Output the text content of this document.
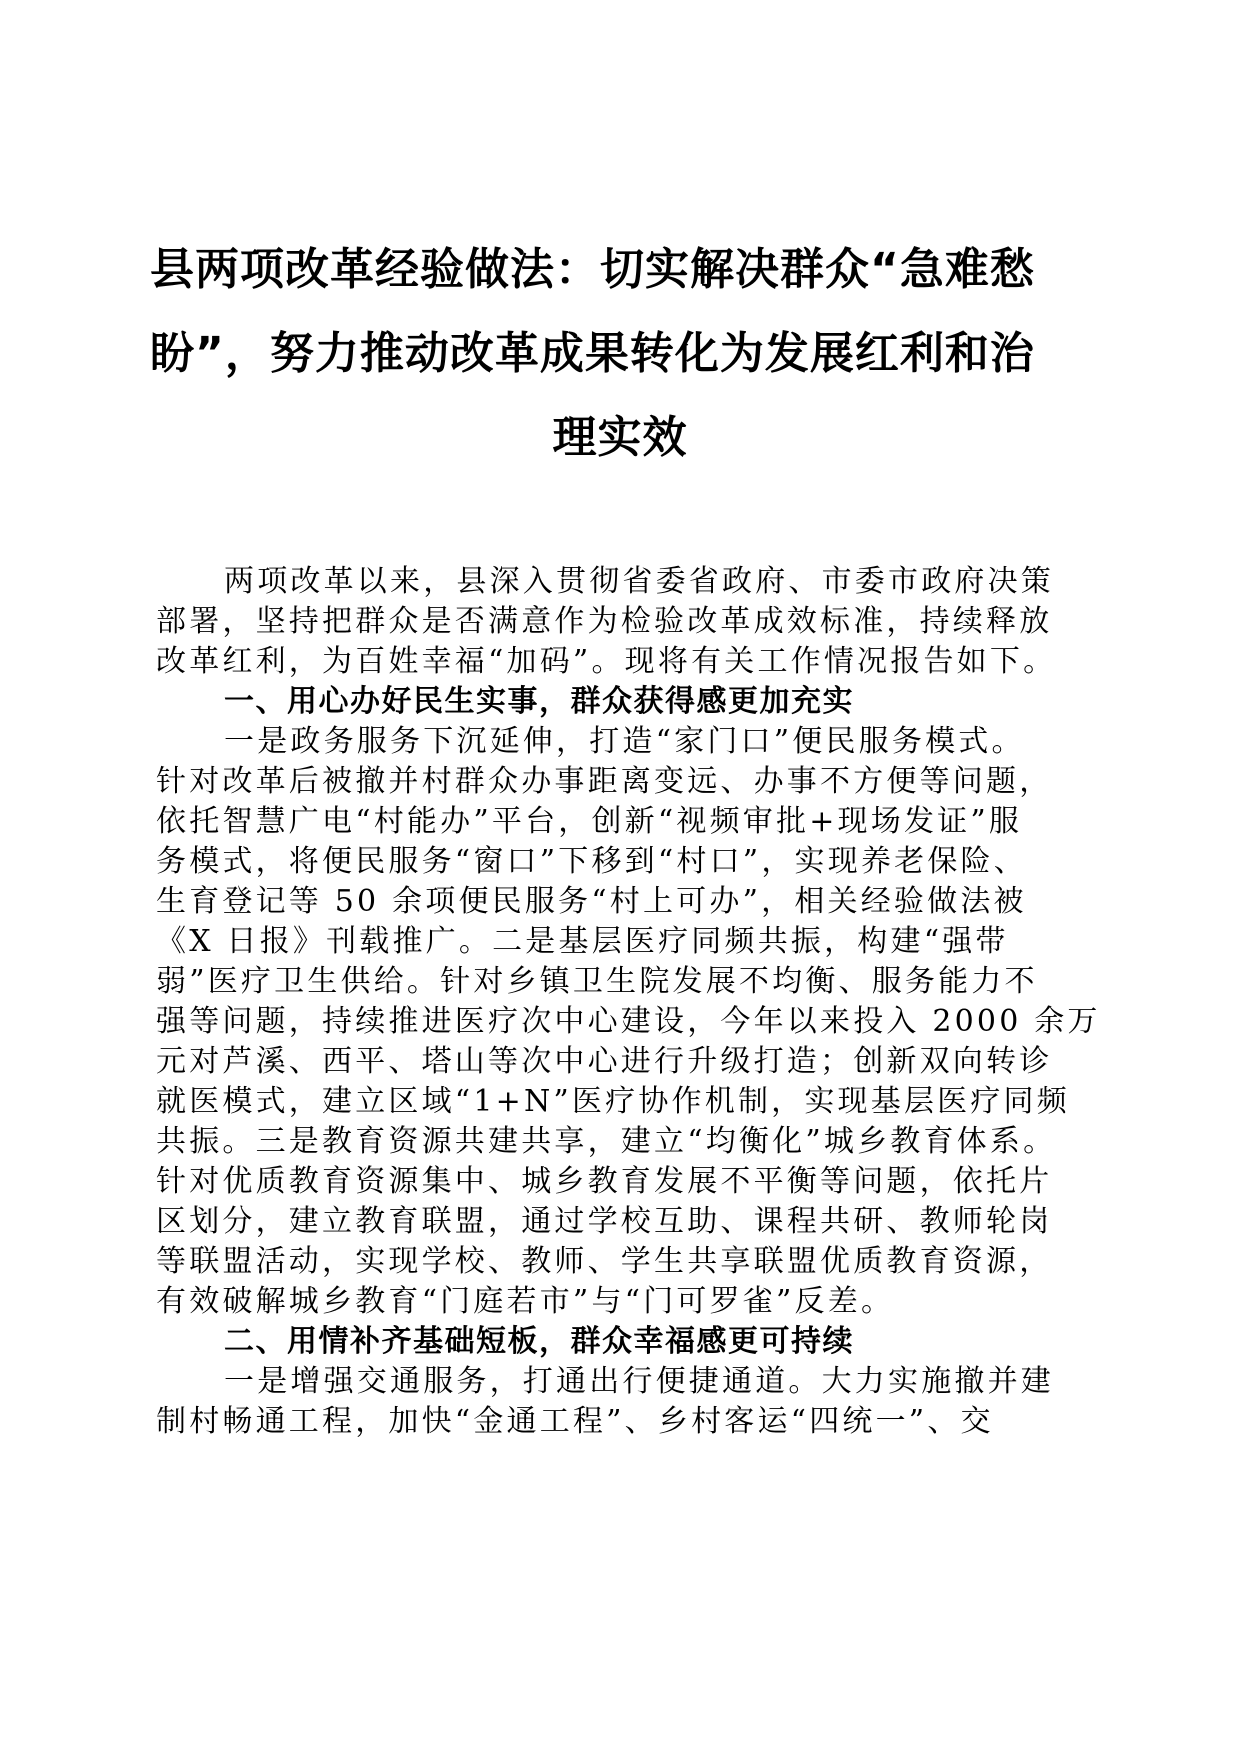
县两项改革经验做法：切实解决群众“急难愁
盼”，努力推动改革成果转化为发展红利和治
理实效
两项改革以来，县深入贯彻省委省政府、市委市政府决策
部署，坚持把群众是否满意作为检验改革成效标准，持续释放
改革红利，为百姓幸福“加码”。现将有关工作情况报告如下。
一、用心办好民生实事，群众获得感更加充实
一是政务服务下沉延伸，打造“家门口”便民服务模式。
针对改革后被撤并村群众办事距离变远、办事不方便等问题，
依托智慧广电“村能办”平台，创新“视频审批+现场发证”服
务模式，将便民服务“窗口”下移到“村口”，实现养老保险、
生育登记等 50 余项便民服务“村上可办”，相关经验做法被
《X 日报》刊载推广。二是基层医疗同频共振，构建“强带
弱”医疗卫生供给。针对乡镇卫生院发展不均衡、服务能力不
强等问题，持续推进医疗次中心建设，今年以来投入 2000 余万
元对芦溪、西平、塔山等次中心进行升级打造；创新双向转诊
就医模式，建立区域“1+N”医疗协作机制，实现基层医疗同频
共振。三是教育资源共建共享，建立“均衡化”城乡教育体系。
针对优质教育资源集中、城乡教育发展不平衡等问题，依托片
区划分，建立教育联盟，通过学校互助、课程共研、教师轮岗
等联盟活动，实现学校、教师、学生共享联盟优质教育资源，
有效破解城乡教育“门庭若市”与“门可罗雀”反差。
二、用情补齐基础短板，群众幸福感更可持续
一是增强交通服务，打通出行便捷通道。大力实施撤并建
制村畅通工程，加快“金通工程”、乡村客运“四统一”、交
